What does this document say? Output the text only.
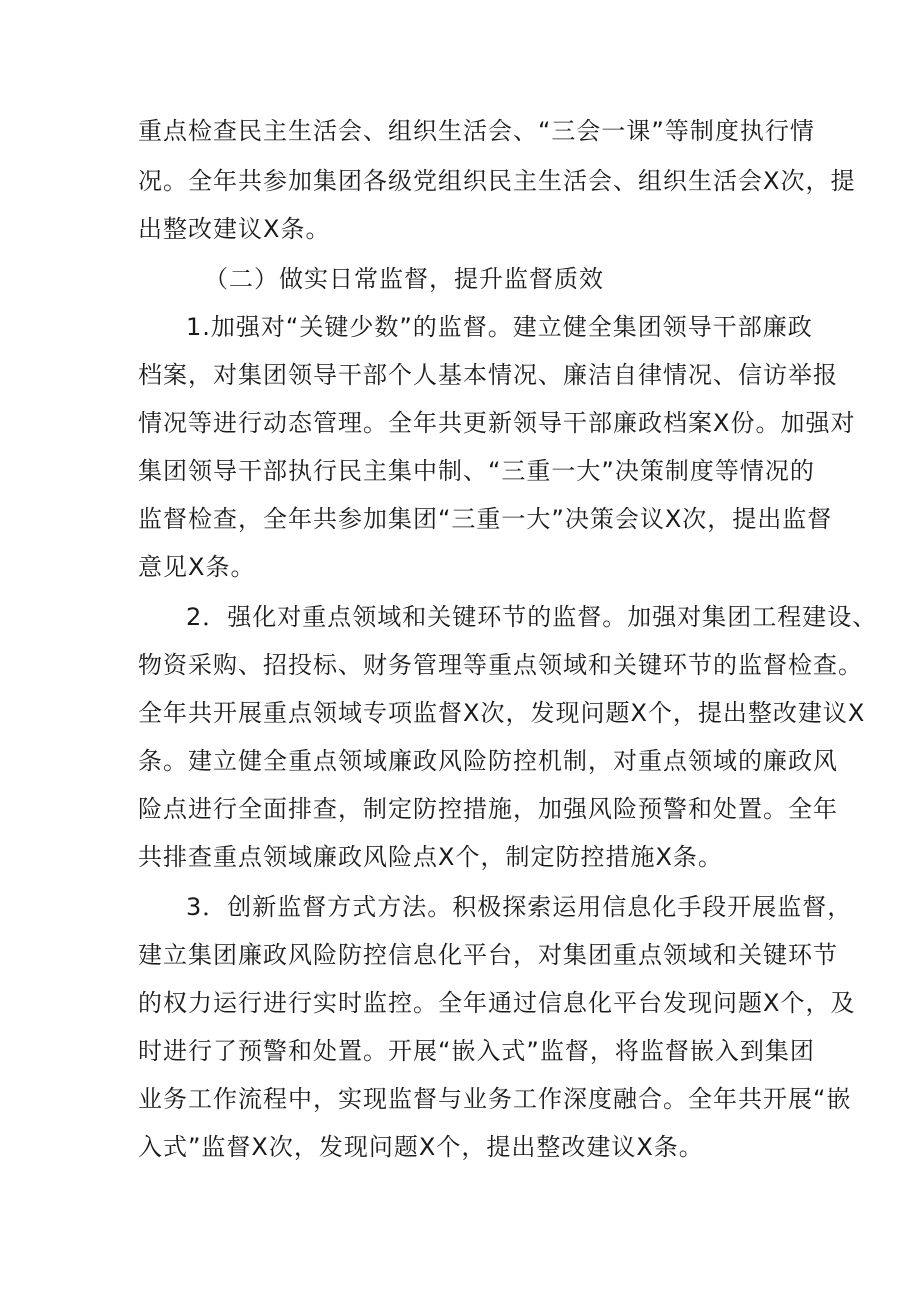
重点检查民主生活会、组织生活会、“三会一课”等制度执行情

况。全年共参加集团各级党组织民主生活会、组织生活会X次，提

出整改建议X条。

（二）做实日常监督，提升监督质效

1.加强对“关键少数”的监督。建立健全集团领导干部廉政

档案，对集团领导干部个人基本情况、廉洁自律情况、信访举报

情况等进行动态管理。全年共更新领导干部廉政档案X份。加强对

集团领导干部执行民主集中制、“三重一大”决策制度等情况的

监督检查，全年共参加集团“三重一大”决策会议X次，提出监督

意见X条。

2．强化对重点领域和关键环节的监督。加强对集团工程建设、

物资采购、招投标、财务管理等重点领域和关键环节的监督检查。

全年共开展重点领域专项监督X次，发现问题X个，提出整改建议X

条。建立健全重点领域廉政风险防控机制，对重点领域的廉政风

险点进行全面排查，制定防控措施，加强风险预警和处置。全年

共排查重点领域廉政风险点X个，制定防控措施X条。

3．创新监督方式方法。积极探索运用信息化手段开展监督，

建立集团廉政风险防控信息化平台，对集团重点领域和关键环节

的权力运行进行实时监控。全年通过信息化平台发现问题X个，及

时进行了预警和处置。开展“嵌入式”监督，将监督嵌入到集团

业务工作流程中，实现监督与业务工作深度融合。全年共开展“嵌

入式”监督X次，发现问题X个，提出整改建议X条。
